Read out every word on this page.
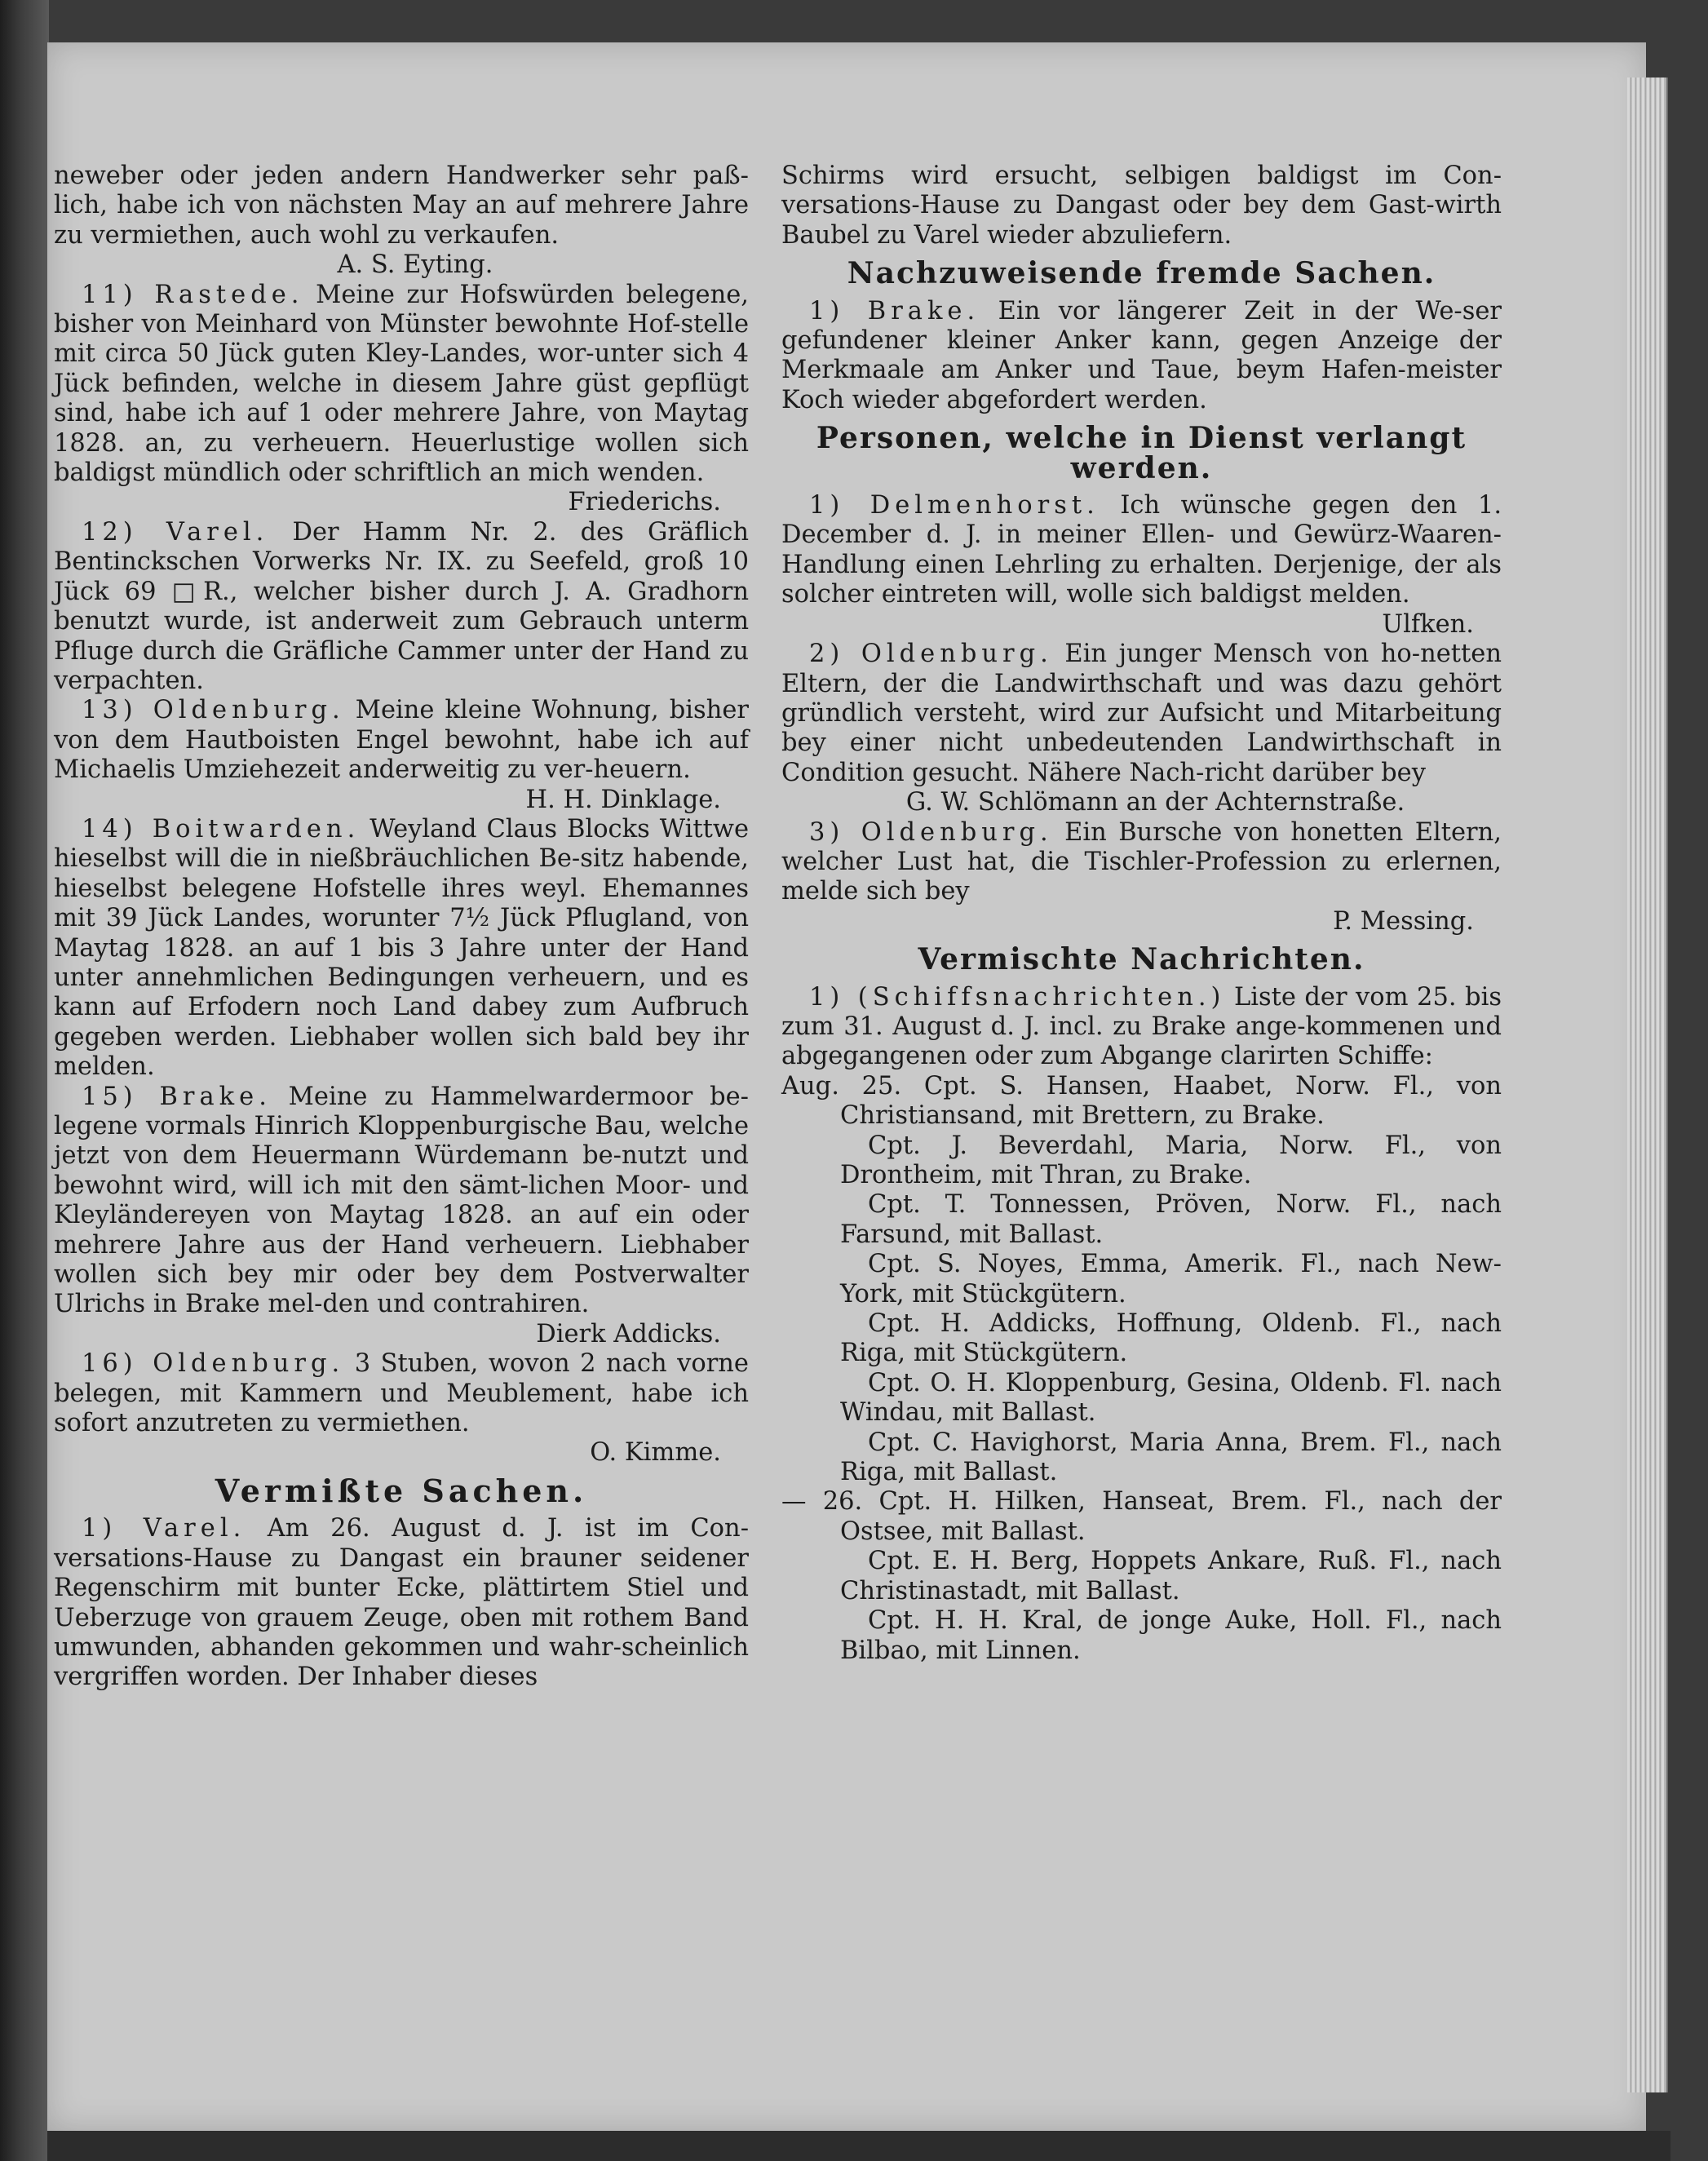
neweber oder jeden andern Handwerker sehr paß-lich, habe ich von nächsten May an auf mehrere Jahre zu vermiethen, auch wohl zu verkaufen.

A. S. Eyting.

11) Rastede. Meine zur Hofswürden belegene, bisher von Meinhard von Münster bewohnte Hof-stelle mit circa 50 Jück guten Kley-Landes, wor-unter sich 4 Jück befinden, welche in diesem Jahre güst gepflügt sind, habe ich auf 1 oder mehrere Jahre, von Maytag 1828. an, zu verheuern. Heuerlustige wollen sich baldigst mündlich oder schriftlich an mich wenden.

Friederichs.

12) Varel. Der Hamm Nr. 2. des Gräflich Bentinckschen Vorwerks Nr. IX. zu Seefeld, groß 10 Jück 69 □R., welcher bisher durch J. A. Gradhorn benutzt wurde, ist anderweit zum Gebrauch unterm Pfluge durch die Gräfliche Cammer unter der Hand zu verpachten.

13) Oldenburg. Meine kleine Wohnung, bisher von dem Hautboisten Engel bewohnt, habe ich auf Michaelis Umziehezeit anderweitig zu ver-heuern.

H. H. Dinklage.

14) Boitwarden. Weyland Claus Blocks Wittwe hieselbst will die in nießbräuchlichen Be-sitz habende, hieselbst belegene Hofstelle ihres weyl. Ehemannes mit 39 Jück Landes, worunter 7½ Jück Pflugland, von Maytag 1828. an auf 1 bis 3 Jahre unter der Hand unter annehmlichen Bedingungen verheuern, und es kann auf Erfodern noch Land dabey zum Aufbruch gegeben werden. Liebhaber wollen sich bald bey ihr melden.

15) Brake. Meine zu Hammelwardermoor be-legene vormals Hinrich Kloppenburgische Bau, welche jetzt von dem Heuermann Würdemann be-nutzt und bewohnt wird, will ich mit den sämt-lichen Moor- und Kleyländereyen von Maytag 1828. an auf ein oder mehrere Jahre aus der Hand verheuern. Liebhaber wollen sich bey mir oder bey dem Postverwalter Ulrichs in Brake mel-den und contrahiren.

Dierk Addicks.

16) Oldenburg. 3 Stuben, wovon 2 nach vorne belegen, mit Kammern und Meublement, habe ich sofort anzutreten zu vermiethen.

O. Kimme.

Vermißte Sachen.

1) Varel. Am 26. August d. J. ist im Con-versations-Hause zu Dangast ein brauner seidener Regenschirm mit bunter Ecke, plättirtem Stiel und Ueberzuge von grauem Zeuge, oben mit rothem Band umwunden, abhanden gekommen und wahr-scheinlich vergriffen worden. Der Inhaber dieses

Schirms wird ersucht, selbigen baldigst im Con-versations-Hause zu Dangast oder bey dem Gast-wirth Baubel zu Varel wieder abzuliefern.

Nachzuweisende fremde Sachen.

1) Brake. Ein vor längerer Zeit in der We-ser gefundener kleiner Anker kann, gegen Anzeige der Merkmaale am Anker und Taue, beym Hafen-meister Koch wieder abgefordert werden.

Personen, welche in Dienst verlangt werden.

1) Delmenhorst. Ich wünsche gegen den 1. December d. J. in meiner Ellen- und Gewürz-Waaren-Handlung einen Lehrling zu erhalten. Derjenige, der als solcher eintreten will, wolle sich baldigst melden.

Ulfken.

2) Oldenburg. Ein junger Mensch von ho-netten Eltern, der die Landwirthschaft und was dazu gehört gründlich versteht, wird zur Aufsicht und Mitarbeitung bey einer nicht unbedeutenden Landwirthschaft in Condition gesucht. Nähere Nach-richt darüber bey

G. W. Schlömann an der Achternstraße.

3) Oldenburg. Ein Bursche von honetten Eltern, welcher Lust hat, die Tischler-Profession zu erlernen, melde sich bey

P. Messing.

Vermischte Nachrichten.

1) (Schiffsnachrichten.) Liste der vom 25. bis zum 31. August d. J. incl. zu Brake ange-kommenen und abgegangenen oder zum Abgange clarirten Schiffe:

Aug. 25. Cpt. S. Hansen, Haabet, Norw. Fl., von Christiansand, mit Brettern, zu Brake.

Cpt. J. Beverdahl, Maria, Norw. Fl., von Drontheim, mit Thran, zu Brake.

Cpt. T. Tonnessen, Pröven, Norw. Fl., nach Farsund, mit Ballast.

Cpt. S. Noyes, Emma, Amerik. Fl., nach New-York, mit Stückgütern.

Cpt. H. Addicks, Hoffnung, Oldenb. Fl., nach Riga, mit Stückgütern.

Cpt. O. H. Kloppenburg, Gesina, Oldenb. Fl. nach Windau, mit Ballast.

Cpt. C. Havighorst, Maria Anna, Brem. Fl., nach Riga, mit Ballast.

— 26. Cpt. H. Hilken, Hanseat, Brem. Fl., nach der Ostsee, mit Ballast.

Cpt. E. H. Berg, Hoppets Ankare, Ruß. Fl., nach Christinastadt, mit Ballast.

Cpt. H. H. Kral, de jonge Auke, Holl. Fl., nach Bilbao, mit Linnen.
